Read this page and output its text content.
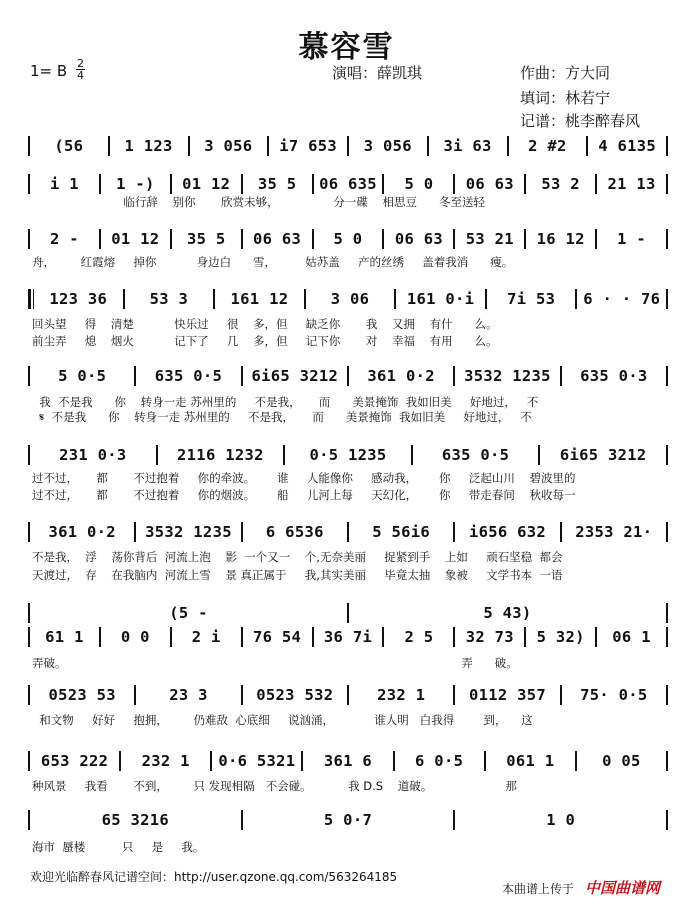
慕容雪
1= B 2
4	演唱：薛凯琪	作曲：方大同
填词：林若宁
记谱：桃李醉春风
(56	1 123	3 056	i7 653	3 056	3i 63	2 #2	4 6135
i 1	1 -)	01 12	35 5	06 635	5 0	06 63	53 2	21 13
2 -	01 12	35 5	06 63	5 0	06 63	53 21	16 12	1 -
123 36	53 3	161 12	3 06	161 0·i	7i 53	6 · · 76
5 0·5	635 0·5	6i65 3212	361 0·2	3532 1235	635 0·3
231 0·3	2116 1232	0·5 1235	635 0·5	6i65 3212
361 0·2	3532 1235	6 6536	5 56i6	i656 632	2353 21·
(5 -	5 43)
61 1	0 0	2 i	76 54	36 7i	2 5	32 73	5 32)	06 1
0523 53	23 3	0523 532	232 1	0112 357	75· 0·5
653 222	232 1	0·6 5321	361 6	6 0·5	061 1	0 05
65 3216	5 0·7	1 0
临行辞    别你       欣赏未够，               分一碟    相思豆      冬至送轻
舟，       红霞熔     掉你           身边白      雪，        姑苏盖     产的丝绣     盖着我消      瘦。
回头望     得    清楚           快乐过     很    多，但     缺乏你       我    又拥    有什      么。
前尘弄     熄    烟火           记下了     几    多，但     记下你       对    幸福    有用      么。
我  不是我      你    转身一走 苏州里的     不是我，     而      美景掩饰  我如旧美     好地过，   不
𝄋  不是我      你    转身一走 苏州里的     不是我，     而      美景掩饰  我如旧美     好地过，   不
过不过，     都       不过抱着     你的牵波。      谁     人能像你     感动我，      你     泛起山川    碧波里的
过不过，     都       不过抱着     你的烟波。      船     儿河上每     天幻化，      你     带走春间    秋收每一
不是我，  浮    荡你背后  河流上泡    影  一个又一    个,无奈美丽     捉紧到手    上如     顽石坚稳  都会
天渡过，  存    在我脑内  河流上雪    景 真正属于     我,其实美丽     毕竟太抽    象被     文学书本  一语
弄破。                                                                                                            弄      破。
和文物     好好     抱拥，       仍难敌  心底细     说汹涌，           谁人明   白我得        到，    这
种风景     我看       不到，       只 发现相隔   不会碰。          我 D.S    道破。                    那
海市  蜃楼          只     是     我。
欢迎光临醉春风记谱空间：http://user.qzone.qq.com/563264185
本曲谱上传于 中国曲谱网
